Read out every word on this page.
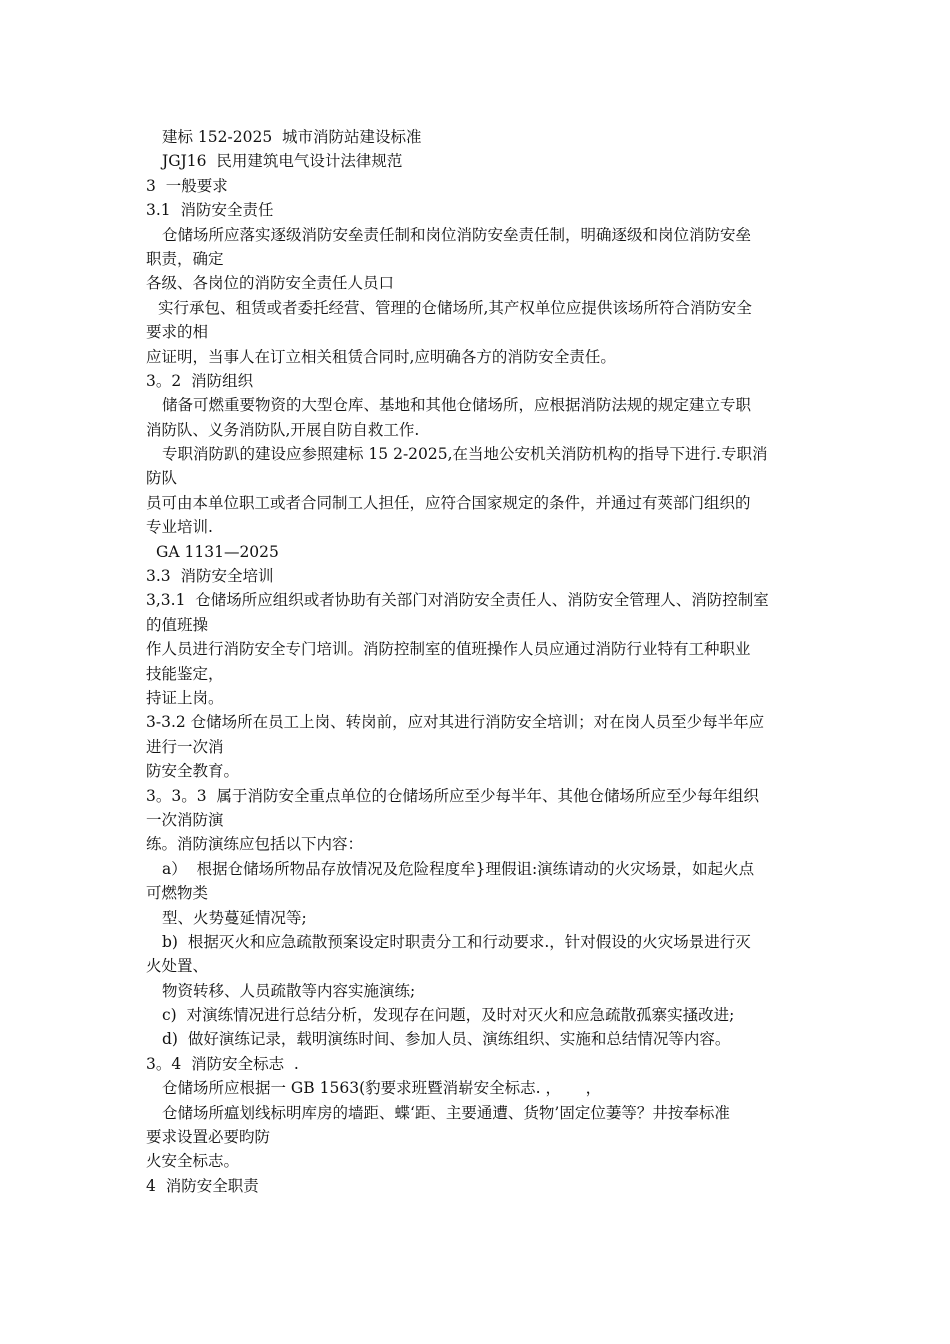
建标 152-2025  城市消防站建设标准
JGJ16  民用建筑电气设计法律规范
3  一般要求
3.1  消防安全责任
仓储场所应落实逐级消防安垒责任制和岗位消防安垒责任制，明确逐级和岗位消防安垒
职责，确定
各级、各岗位的消防安全责任人员口
实行承包、租赁或者委托经营、管理的仓储场所,其产权单位应提供该场所符合消防安全
要求的相
应证明，当事人在订立相关租赁合同时,应明确各方的消防安全责任。
3。2  消防组织
储备可燃重要物资的大型仓库、基地和其他仓储场所，应根据消防法规的规定建立专职
消防队、义务消防队,开展自防自救工作.
专职消防趴的建设应参照建标 15 2-2025,在当地公安机关消防机构的指导下进行.专职消
防队
员可由本单位职工或者合同制工人担任，应符合国家规定的条件，并通过有莢部门组织的
专业培训.
GA 1131—2025
3.3  消防安全培训
3,3.1  仓储场所应组织或者协助有关部门对消防安全责任人、消防安全管理人、消防控制室
的值班操
作人员进行消防安全专门培训。消防控制室的值班操作人员应通过消防行业特有工种职业
技能鉴定，
持证上岗。
3-3.2 仓储场所在员工上岗、转岗前，应对其进行消防安全培训；对在岗人员至少每半年应
进行一次消
防安全教育。
3。3。3  属于消防安全重点单位的仓储场所应至少每半年、其他仓储场所应至少每年组织
一次消防演
练。消防演练应包括以下内容：
a）  根据仓储场所物品存放情况及危险程度牟}理假诅:演练请动的火灾场景，如起火点
可燃物类
型、火势蔓延情况等;
b)  根据灭火和应急疏散预案设定时职责分工和行动要求.，针对假设的火灾场景进行灭
火处置、
物资转移、人员疏散等内容实施演练;
c)  对演练情况进行总结分析，发现存在问题，及时对灭火和应急疏散孤寨实搔改进;
d)  做好演练记录，载明演练时间、参加人员、演练组织、实施和总结情况等内容。
3。4  消防安全标志  .
仓储场所应根据一 GB 1563(豹要求班暨消崭安全标志. ，     ，
仓储场所瘟划线标明库房的墙距、蝶‘距、主要通遭、货物’固定位萋等？井按奉标准
要求设置必要昀防
火安全标志。
4  消防安全职责
